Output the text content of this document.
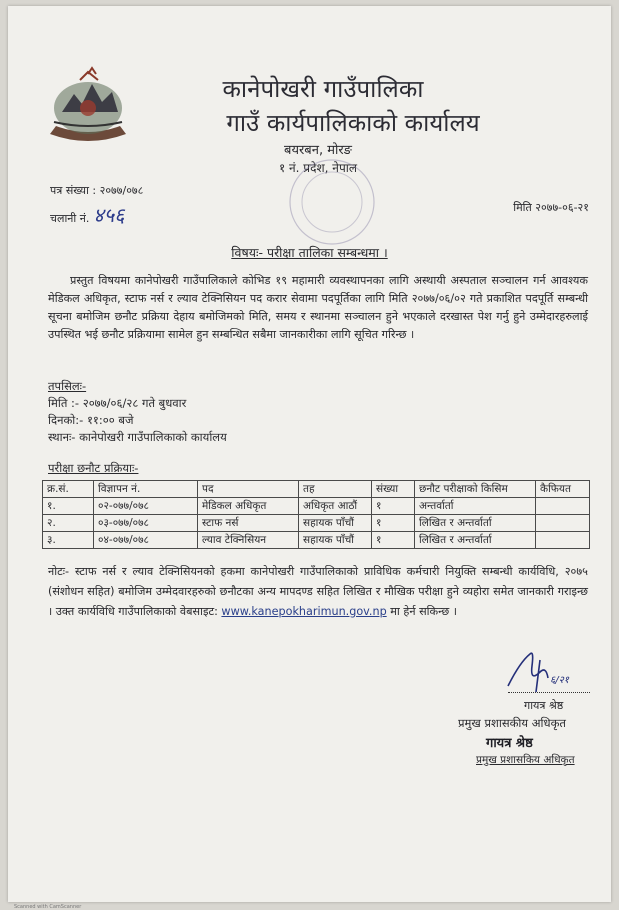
कानेपोखरी गाउँपालिका
गाउँ कार्यपालिकाको कार्यालय
बयरबन, मोरङ
१ नं. प्रदेश, नेपाल
पत्र संख्या : २०७७/०७८
चलानी नं. ४५६	मिति २०७७-०६-२१
विषयः- परीक्षा तालिका सम्बन्धमा ।
प्रस्तुत विषयमा कानेपोखरी गाउँपालिकाले कोभिड १९ महामारी व्यवस्थापनका लागि अस्थायी अस्पताल सञ्चालन गर्न आवश्यक मेडिकल अधिकृत, स्टाफ नर्स र ल्याव टेक्निसियन पद करार सेवामा पदपूर्तिका लागि मिति २०७७/०६/०२ गते प्रकाशित पदपूर्ति सम्बन्धी सूचना बमोजिम छनौट प्रक्रिया देहाय बमोजिमको मिति, समय र स्थानमा सञ्चालन हुने भएकाले दरखास्त पेश गर्नु हुने उम्मेदारहरुलाई उपस्थित भई छनौट प्रक्रियामा सामेल हुन सम्बन्धित सबैमा जानकारीका लागि सूचित गरिन्छ ।
तपसिलः-
मिति :- २०७७/०६/२८ गते बुधवार
दिनको:- ११:०० बजे
स्थानः- कानेपोखरी गाउँपालिकाको कार्यालय
परीक्षा छनौट प्रक्रियाः-
क्र.सं.	विज्ञापन नं.	पद	तह	संख्या	छनौट परीक्षाको किसिम	कैफियत
१.	०२-०७७/०७८	मेडिकल अधिकृत	अधिकृत आठौं	१	अन्तर्वार्ता	
२.	०३-०७७/०७८	स्टाफ नर्स	सहायक पाँचौं	१	लिखित र अन्तर्वार्ता	
३.	०४-०७७/०७८	ल्याव टेक्निसियन	सहायक पाँचौं	१	लिखित र अन्तर्वार्ता	
नोटः- स्टाफ नर्स र ल्याव टेक्निसियनको हकमा कानेपोखरी गाउँपालिकाको प्राविधिक कर्मचारी नियुक्ति सम्बन्धी कार्यविधि, २०७५ (संशोधन सहित) बमोजिम उम्मेदवारहरुको छनौटका अन्य मापदण्ड सहित लिखित र मौखिक परीक्षा हुने व्यहोरा समेत जानकारी गराइन्छ । उक्त कार्यविधि गाउँपालिकाको वेबसाइट: www.kanepokharimun.gov.np मा हेर्न सकिन्छ ।
६/२१
गायत्र श्रेष्ठ
प्रमुख प्रशासकीय अधिकृत
गायत्र श्रेष्ठ
प्रमुख प्रशासकिय अधिकृत
Scanned with CamScanner
